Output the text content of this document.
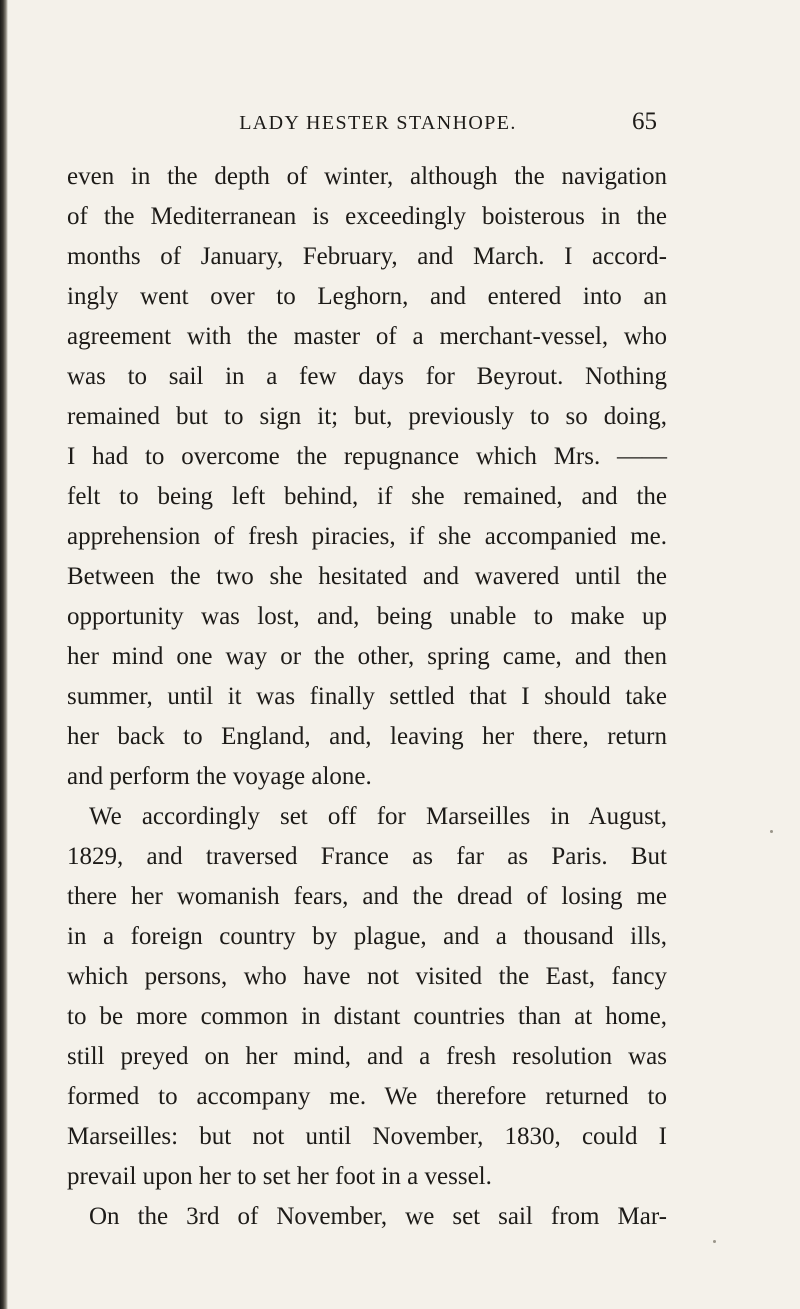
LADY HESTER STANHOPE.	65
even in the depth of winter, although the navigation
of the Mediterranean is exceedingly boisterous in the
months of January, February, and March. I accord-
ingly went over to Leghorn, and entered into an
agreement with the master of a merchant-vessel, who
was to sail in a few days for Beyrout. Nothing
remained but to sign it; but, previously to so doing,
I had to overcome the repugnance which Mrs. ——
felt to being left behind, if she remained, and the
apprehension of fresh piracies, if she accompanied me.
Between the two she hesitated and wavered until the
opportunity was lost, and, being unable to make up
her mind one way or the other, spring came, and then
summer, until it was finally settled that I should take
her back to England, and, leaving her there, return
and perform the voyage alone.
We accordingly set off for Marseilles in August,
1829, and traversed France as far as Paris. But
there her womanish fears, and the dread of losing me
in a foreign country by plague, and a thousand ills,
which persons, who have not visited the East, fancy
to be more common in distant countries than at home,
still preyed on her mind, and a fresh resolution was
formed to accompany me. We therefore returned to
Marseilles: but not until November, 1830, could I
prevail upon her to set her foot in a vessel.
On the 3rd of November, we set sail from Mar-
